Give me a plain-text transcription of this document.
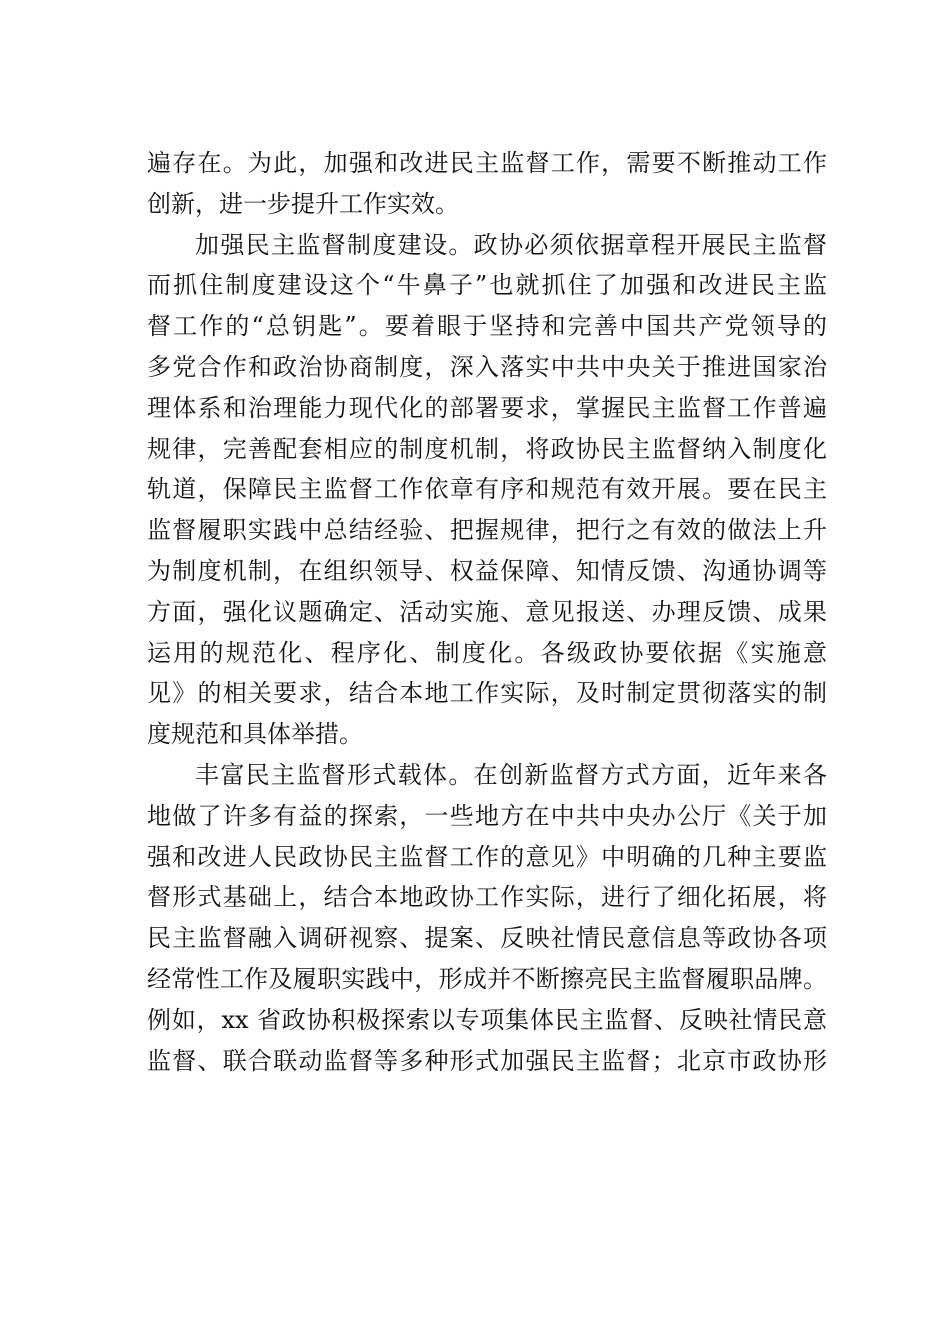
遍存在。为此，加强和改进民主监督工作，需要不断推动工作
创新，进一步提升工作实效。
加强民主监督制度建设。政协必须依据章程开展民主监督
而抓住制度建设这个“牛鼻子”也就抓住了加强和改进民主监
督工作的“总钥匙”。要着眼于坚持和完善中国共产党领导的
多党合作和政治协商制度，深入落实中共中央关于推进国家治
理体系和治理能力现代化的部署要求，掌握民主监督工作普遍
规律，完善配套相应的制度机制，将政协民主监督纳入制度化
轨道，保障民主监督工作依章有序和规范有效开展。要在民主
监督履职实践中总结经验、把握规律，把行之有效的做法上升
为制度机制，在组织领导、权益保障、知情反馈、沟通协调等
方面，强化议题确定、活动实施、意见报送、办理反馈、成果
运用的规范化、程序化、制度化。各级政协要依据《实施意
见》的相关要求，结合本地工作实际，及时制定贯彻落实的制
度规范和具体举措。
丰富民主监督形式载体。在创新监督方式方面，近年来各
地做了许多有益的探索，一些地方在中共中央办公厅《关于加
强和改进人民政协民主监督工作的意见》中明确的几种主要监
督形式基础上，结合本地政协工作实际，进行了细化拓展，将
民主监督融入调研视察、提案、反映社情民意信息等政协各项
经常性工作及履职实践中，形成并不断擦亮民主监督履职品牌。
例如，xx 省政协积极探索以专项集体民主监督、反映社情民意
监督、联合联动监督等多种形式加强民主监督；北京市政协形
